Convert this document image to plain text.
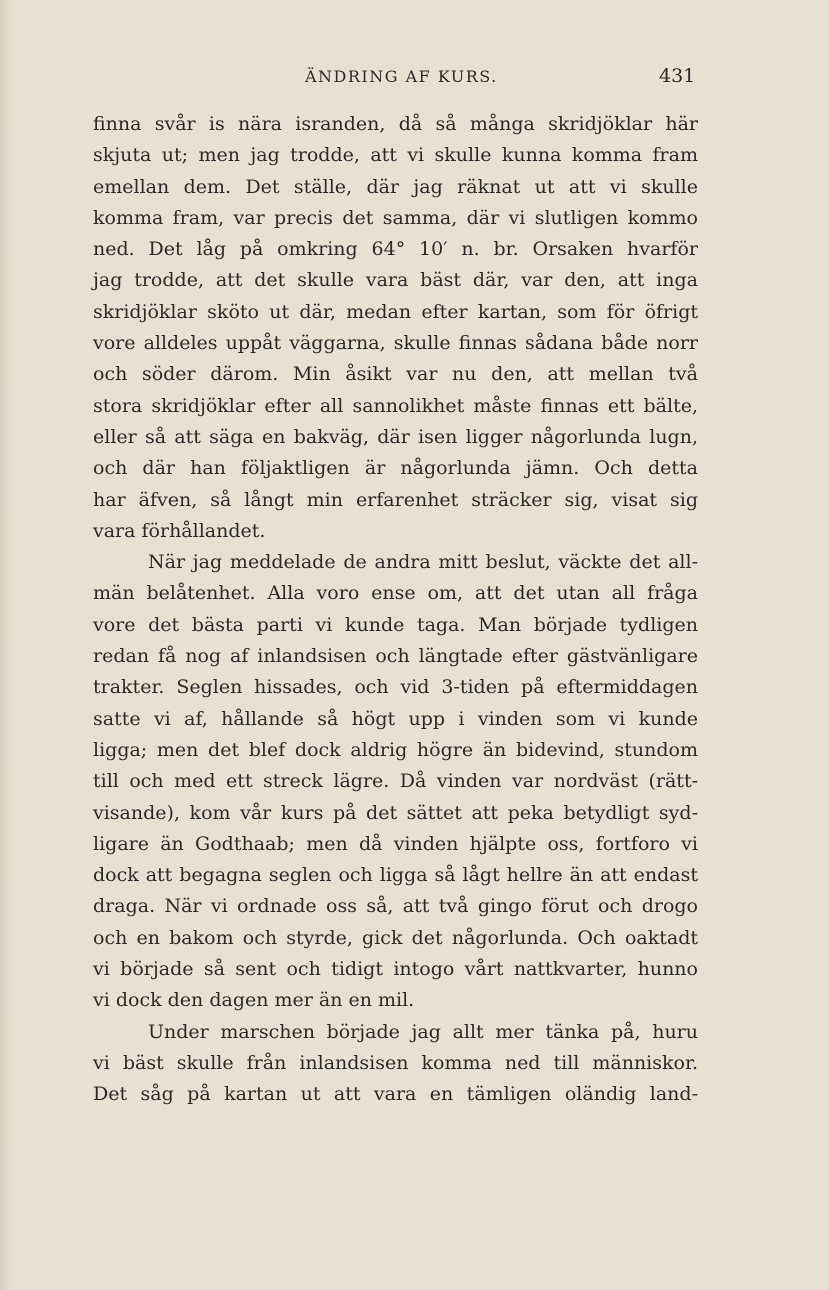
ÄNDRING AF KURS.	431
finna svår is nära isranden, då så många skridjöklar här
skjuta ut; men jag trodde, att vi skulle kunna komma fram
emellan dem. Det ställe, där jag räknat ut att vi skulle
komma fram, var precis det samma, där vi slutligen kommo
ned. Det låg på omkring 64° 10′ n. br. Orsaken hvarför
jag trodde, att det skulle vara bäst där, var den, att inga
skridjöklar sköto ut där, medan efter kartan, som för öfrigt
vore alldeles uppåt väggarna, skulle finnas sådana både norr
och söder därom. Min åsikt var nu den, att mellan två
stora skridjöklar efter all sannolikhet måste finnas ett bälte,
eller så att säga en bakväg, där isen ligger någorlunda lugn,
och där han följaktligen är någorlunda jämn. Och detta
har äfven, så långt min erfarenhet sträcker sig, visat sig
vara förhållandet.
När jag meddelade de andra mitt beslut, väckte det all-
män belåtenhet. Alla voro ense om, att det utan all fråga
vore det bästa parti vi kunde taga. Man började tydligen
redan få nog af inlandsisen och längtade efter gästvänligare
trakter. Seglen hissades, och vid 3-tiden på eftermiddagen
satte vi af, hållande så högt upp i vinden som vi kunde
ligga; men det blef dock aldrig högre än bidevind, stundom
till och med ett streck lägre. Då vinden var nordväst (rätt-
visande), kom vår kurs på det sättet att peka betydligt syd-
ligare än Godthaab; men då vinden hjälpte oss, fortforo vi
dock att begagna seglen och ligga så lågt hellre än att endast
draga. När vi ordnade oss så, att två gingo förut och drogo
och en bakom och styrde, gick det någorlunda. Och oaktadt
vi började så sent och tidigt intogo vårt nattkvarter, hunno
vi dock den dagen mer än en mil.
Under marschen började jag allt mer tänka på, huru
vi bäst skulle från inlandsisen komma ned till människor.
Det såg på kartan ut att vara en tämligen oländig land-
